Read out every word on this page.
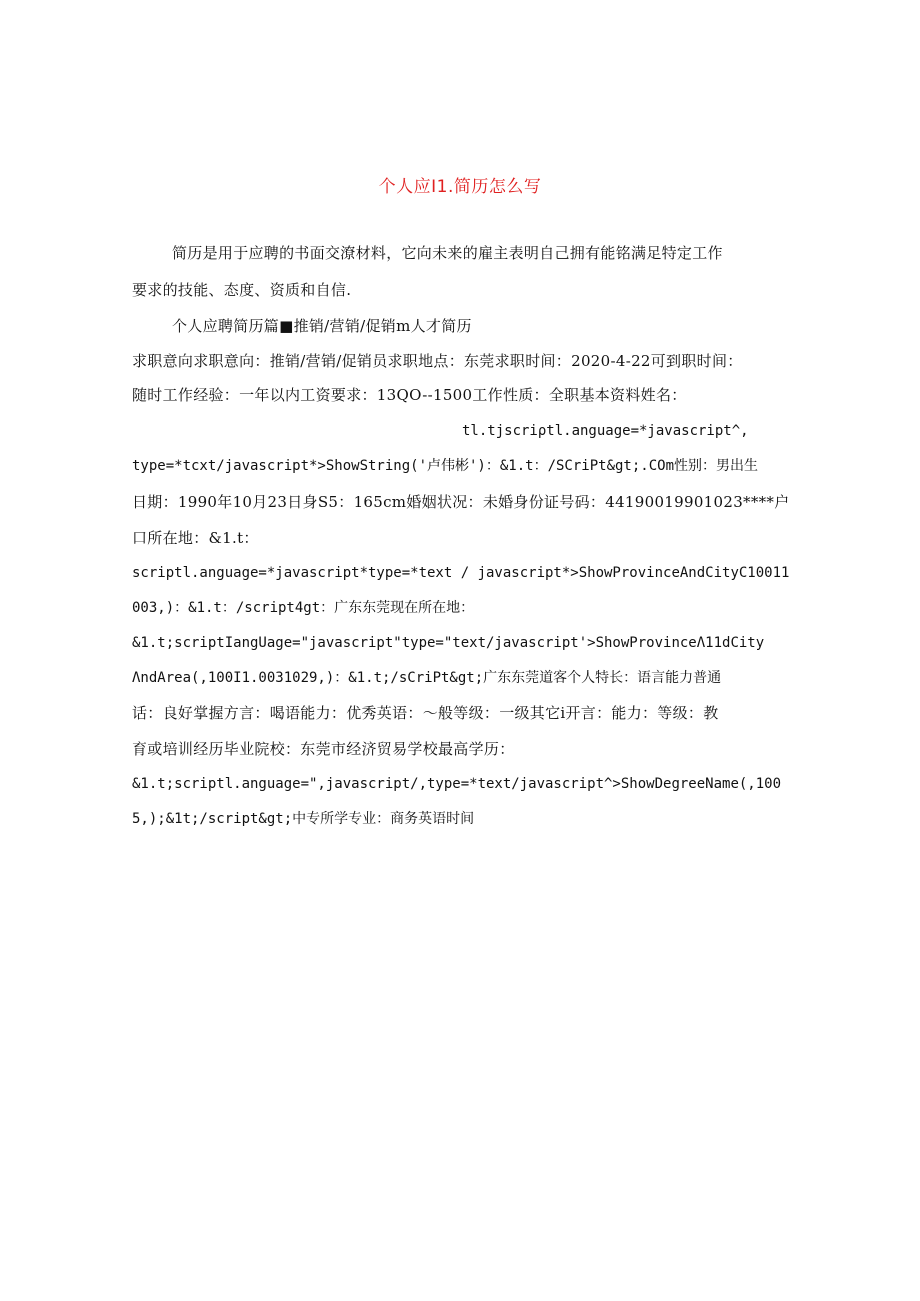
个人应I1.简历怎么写
简历是用于应聘的书面交潦材料，它向未来的雇主表明自己拥有能铭满足特定工作
要求的技能、态度、资质和自信.
个人应聘简历篇■推销/营销/促销m人才简历
求职意向求职意向：推销/营销/促销员求职地点：东莞求职时间：2020-4-22可到职时间：
随时工作经验：一年以内工资要求：13QO--1500工作性质：全职基本资料姓名：
tl.tjscriρtl.anguage=*javascript^,
type=*tcxt/javascript*>ShowString('卢伟彬')：&1.t：/SCriPt&gt;.COm性别：男出生
日期：1990年10月23日身S5：165cm婚姻状况：未婚身份证号码：44190019901023****户
口所在地：&1.t：
scriptl.anguage=*javascript*type=*text / javascript*>ShowProvinceAndCityC10011
003,)：&1.t：/script4gt：广东东莞现在所在地：
&1.t;scriptIangUage="javascript"type="text/javascript'>ShowProvinceΛ11dCity
ΛndArea(,100I1.0031029,)：&1.t;/sCriPt&gt;广东东莞道客个人特长：语言能力普通
话：良好掌握方言：喝语能力：优秀英语：〜般等级：一级其它i开言：能力：等级：教
育或培训经历毕业院校：东莞市经济贸易学校最高学历：
&1.t;scriptl.anguage=",javascript/,type=*text/javascript^>ShowDegreeName(,100
5,);&1t;/script&gt;中专所学专业：商务英语时间
